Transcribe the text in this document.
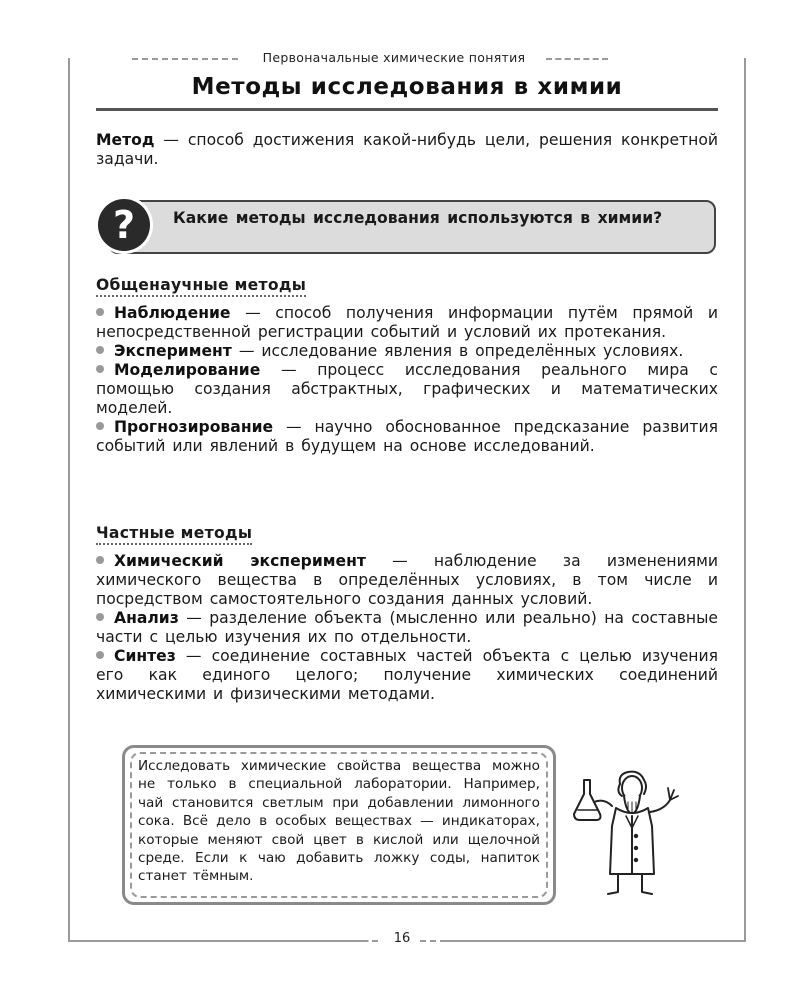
Первоначальные химические понятия
Методы исследования в химии
Метод — способ достижения какой-нибудь цели, решения конкретной задачи.
?	Какие методы исследования используются в химии?
Общенаучные методы
Наблюдение — способ получения информации путём прямой и непосредственной регистрации событий и условий их протекания.
Эксперимент — исследование явления в определённых условиях.
Моделирование — процесс исследования реального мира с помощью создания абстрактных, графических и математических моделей.
Прогнозирование — научно обоснованное предсказание развития событий или явлений в будущем на основе исследований.
Частные методы
Химический эксперимент — наблюдение за изменениями химического вещества в определённых условиях, в том числе и посредством самостоятельного создания данных условий.
Анализ — разделение объекта (мысленно или реально) на составные части с целью изучения их по отдельности.
Синтез — соединение составных частей объекта с целью изучения его как единого целого; получение химических соединений химическими и физическими методами.
Исследовать химические свойства вещества можно не только в специальной лаборатории. Например, чай становится светлым при добавлении лимонного сока. Всё дело в особых веществах — индикаторах, которые меняют свой цвет в кислой или щелочной среде. Если к чаю добавить ложку соды, напиток станет тёмным.
16
